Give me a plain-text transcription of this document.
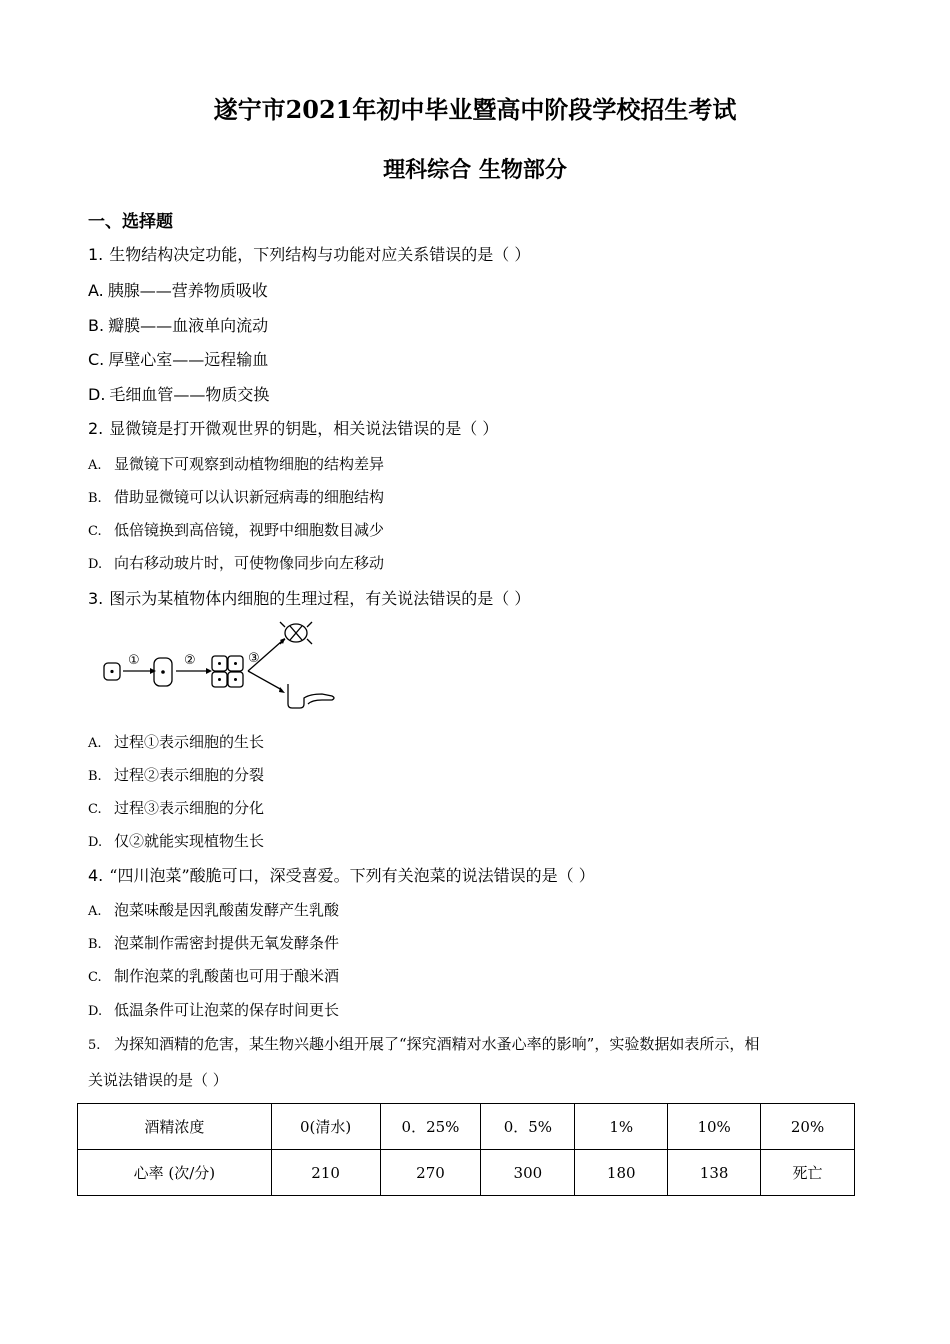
遂宁市2021年初中毕业暨高中阶段学校招生考试
理科综合 生物部分
一、选择题
1. 生物结构决定功能，下列结构与功能对应关系错误的是（ ）
A. 胰腺——营养物质吸收
B. 瓣膜——血液单向流动
C. 厚壁心室——远程输血
D. 毛细血管——物质交换
2. 显微镜是打开微观世界的钥匙，相关说法错误的是（ ）
A. 显微镜下可观察到动植物细胞的结构差异
B. 借助显微镜可以认识新冠病毒的细胞结构
C. 低倍镜换到高倍镜，视野中细胞数目减少
D. 向右移动玻片时，可使物像同步向左移动
3. 图示为某植物体内细胞的生理过程，有关说法错误的是（ ）
①	②	③
A. 过程①表示细胞的生长
B. 过程②表示细胞的分裂
C. 过程③表示细胞的分化
D. 仅②就能实现植物生长
4. “四川泡菜”酸脆可口，深受喜爱。下列有关泡菜的说法错误的是（ ）
A. 泡菜味酸是因乳酸菌发酵产生乳酸
B. 泡菜制作需密封提供无氧发酵条件
C. 制作泡菜的乳酸菌也可用于酿米酒
D. 低温条件可让泡菜的保存时间更长
5. 为探知酒精的危害，某生物兴趣小组开展了“探究酒精对水蚤心率的影响”，实验数据如表所示，相
关说法错误的是（ ）
酒精浓度	0(清水)	0．25%	0．5%	1%	10%	20%
心率 (次/分)	210	270	300	180	138	死亡
